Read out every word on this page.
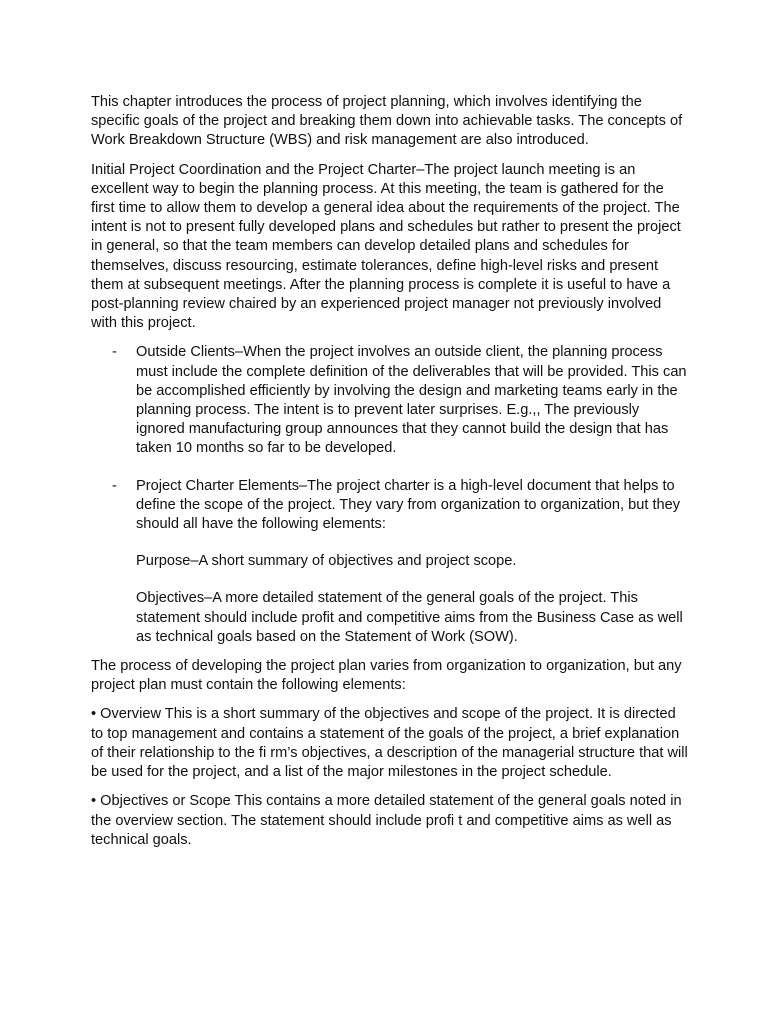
This chapter introduces the process of project planning, which involves identifying the specific goals of the project and breaking them down into achievable tasks. The concepts of Work Breakdown Structure (WBS) and risk management are also introduced.

Initial Project Coordination and the Project Charter–The project launch meeting is an excellent way to begin the planning process. At this meeting, the team is gathered for the first time to allow them to develop a general idea about the requirements of the project. The intent is not to present fully developed plans and schedules but rather to present the project in general, so that the team members can develop detailed plans and schedules for themselves, discuss resourcing, estimate tolerances, define high-level risks and present them at subsequent meetings. After the planning process is complete it is useful to have a post-planning review chaired by an experienced project manager not previously involved with this project.

- Outside Clients–When the project involves an outside client, the planning process must include the complete definition of the deliverables that will be provided. This can be accomplished efficiently by involving the design and marketing teams early in the planning process. The intent is to prevent later surprises. E.g.,, The previously ignored manufacturing group announces that they cannot build the design that has taken 10 months so far to be developed.
- Project Charter Elements–The project charter is a high-level document that helps to define the scope of the project. They vary from organization to organization, but they should all have the following elements:
Purpose–A short summary of objectives and project scope.
Objectives–A more detailed statement of the general goals of the project. This statement should include profit and competitive aims from the Business Case as well as technical goals based on the Statement of Work (SOW).

The process of developing the project plan varies from organization to organization, but any project plan must contain the following elements:

• Overview This is a short summary of the objectives and scope of the project. It is directed to top management and contains a statement of the goals of the project, a brief explanation of their relationship to the fi rm’s objectives, a description of the managerial structure that will be used for the project, and a list of the major milestones in the project schedule.

• Objectives or Scope This contains a more detailed statement of the general goals noted in the overview section. The statement should include profi t and competitive aims as well as technical goals.
